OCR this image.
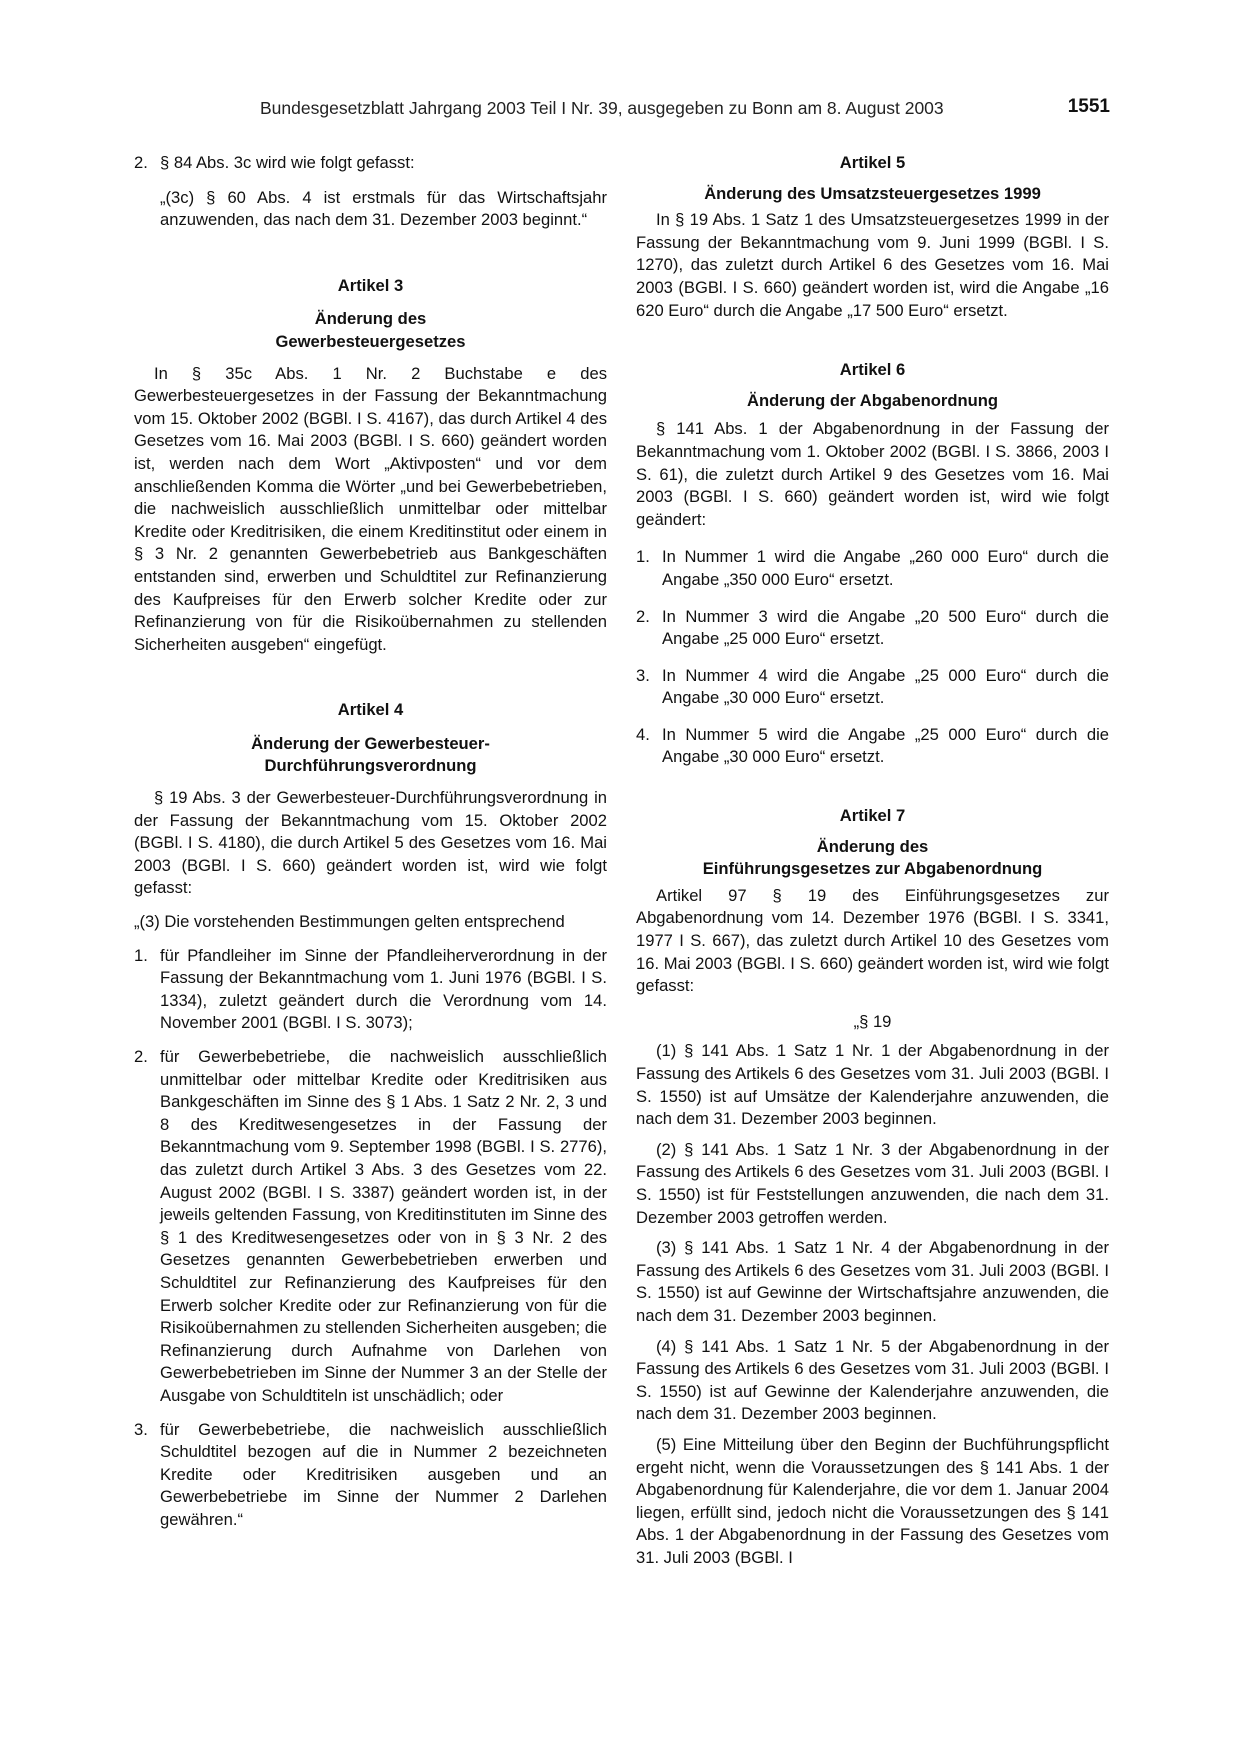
Bundesgesetzblatt Jahrgang 2003 Teil I Nr. 39, ausgegeben zu Bonn am 8. August 2003	1551
2. § 84 Abs. 3c wird wie folgt gefasst:

„(3c) § 60 Abs. 4 ist erstmals für das Wirtschaftsjahr anzuwenden, das nach dem 31. Dezember 2003 beginnt.“

Artikel 3

Änderung des

Gewerbesteuergesetzes

In § 35c Abs. 1 Nr. 2 Buchstabe e des Gewerbesteuergesetzes in der Fassung der Bekanntmachung vom 15. Oktober 2002 (BGBl. I S. 4167), das durch Artikel 4 des Gesetzes vom 16. Mai 2003 (BGBl. I S. 660) geändert worden ist, werden nach dem Wort „Aktivposten“ und vor dem anschließenden Komma die Wörter „und bei Gewerbebetrieben, die nachweislich ausschließlich unmittelbar oder mittelbar Kredite oder Kreditrisiken, die einem Kreditinstitut oder einem in § 3 Nr. 2 genannten Gewerbebetrieb aus Bankgeschäften entstanden sind, erwerben und Schuldtitel zur Refinanzierung des Kaufpreises für den Erwerb solcher Kredite oder zur Refinanzierung von für die Risikoübernahmen zu stellenden Sicherheiten ausgeben“ eingefügt.

Artikel 4

Änderung der Gewerbesteuer-

Durchführungsverordnung

§ 19 Abs. 3 der Gewerbesteuer-Durchführungsverordnung in der Fassung der Bekanntmachung vom 15. Oktober 2002 (BGBl. I S. 4180), die durch Artikel 5 des Gesetzes vom 16. Mai 2003 (BGBl. I S. 660) geändert worden ist, wird wie folgt gefasst:

„(3) Die vorstehenden Bestimmungen gelten entsprechend

1. für Pfandleiher im Sinne der Pfandleiherverordnung in der Fassung der Bekanntmachung vom 1. Juni 1976 (BGBl. I S. 1334), zuletzt geändert durch die Verordnung vom 14. November 2001 (BGBl. I S. 3073);
2. für Gewerbebetriebe, die nachweislich ausschließlich unmittelbar oder mittelbar Kredite oder Kreditrisiken aus Bankgeschäften im Sinne des § 1 Abs. 1 Satz 2 Nr. 2, 3 und 8 des Kreditwesengesetzes in der Fassung der Bekanntmachung vom 9. September 1998 (BGBl. I S. 2776), das zuletzt durch Artikel 3 Abs. 3 des Gesetzes vom 22. August 2002 (BGBl. I S. 3387) geändert worden ist, in der jeweils geltenden Fassung, von Kreditinstituten im Sinne des § 1 des Kreditwesengesetzes oder von in § 3 Nr. 2 des Gesetzes genannten Gewerbebetrieben erwerben und Schuldtitel zur Refinanzierung des Kaufpreises für den Erwerb solcher Kredite oder zur Refinanzierung von für die Risikoübernahmen zu stellenden Sicherheiten ausgeben; die Refinanzierung durch Aufnahme von Darlehen von Gewerbebetrieben im Sinne der Nummer 3 an der Stelle der Ausgabe von Schuldtiteln ist unschädlich; oder
3. für Gewerbebetriebe, die nachweislich ausschließlich Schuldtitel bezogen auf die in Nummer 2 bezeichneten Kredite oder Kreditrisiken ausgeben und an Gewerbebetriebe im Sinne der Nummer 2 Darlehen gewähren.“

Artikel 5

Änderung des Umsatzsteuergesetzes 1999

In § 19 Abs. 1 Satz 1 des Umsatzsteuergesetzes 1999 in der Fassung der Bekanntmachung vom 9. Juni 1999 (BGBl. I S. 1270), das zuletzt durch Artikel 6 des Gesetzes vom 16. Mai 2003 (BGBl. I S. 660) geändert worden ist, wird die Angabe „16 620 Euro“ durch die Angabe „17 500 Euro“ ersetzt.

Artikel 6

Änderung der Abgabenordnung

§ 141 Abs. 1 der Abgabenordnung in der Fassung der Bekanntmachung vom 1. Oktober 2002 (BGBl. I S. 3866, 2003 I S. 61), die zuletzt durch Artikel 9 des Gesetzes vom 16. Mai 2003 (BGBl. I S. 660) geändert worden ist, wird wie folgt geändert:

1. In Nummer 1 wird die Angabe „260 000 Euro“ durch die Angabe „350 000 Euro“ ersetzt.
2. In Nummer 3 wird die Angabe „20 500 Euro“ durch die Angabe „25 000 Euro“ ersetzt.
3. In Nummer 4 wird die Angabe „25 000 Euro“ durch die Angabe „30 000 Euro“ ersetzt.
4. In Nummer 5 wird die Angabe „25 000 Euro“ durch die Angabe „30 000 Euro“ ersetzt.

Artikel 7

Änderung des

Einführungsgesetzes zur Abgabenordnung

Artikel 97 § 19 des Einführungsgesetzes zur Abgabenordnung vom 14. Dezember 1976 (BGBl. I S. 3341, 1977 I S. 667), das zuletzt durch Artikel 10 des Gesetzes vom 16. Mai 2003 (BGBl. I S. 660) geändert worden ist, wird wie folgt gefasst:

„§ 19

(1) § 141 Abs. 1 Satz 1 Nr. 1 der Abgabenordnung in der Fassung des Artikels 6 des Gesetzes vom 31. Juli 2003 (BGBl. I S. 1550) ist auf Umsätze der Kalenderjahre anzuwenden, die nach dem 31. Dezember 2003 beginnen.

(2) § 141 Abs. 1 Satz 1 Nr. 3 der Abgabenordnung in der Fassung des Artikels 6 des Gesetzes vom 31. Juli 2003 (BGBl. I S. 1550) ist für Feststellungen anzuwenden, die nach dem 31. Dezember 2003 getroffen werden.

(3) § 141 Abs. 1 Satz 1 Nr. 4 der Abgabenordnung in der Fassung des Artikels 6 des Gesetzes vom 31. Juli 2003 (BGBl. I S. 1550) ist auf Gewinne der Wirtschaftsjahre anzuwenden, die nach dem 31. Dezember 2003 beginnen.

(4) § 141 Abs. 1 Satz 1 Nr. 5 der Abgabenordnung in der Fassung des Artikels 6 des Gesetzes vom 31. Juli 2003 (BGBl. I S. 1550) ist auf Gewinne der Kalenderjahre anzuwenden, die nach dem 31. Dezember 2003 beginnen.

(5) Eine Mitteilung über den Beginn der Buchführungspflicht ergeht nicht, wenn die Voraussetzungen des § 141 Abs. 1 der Abgabenordnung für Kalenderjahre, die vor dem 1. Januar 2004 liegen, erfüllt sind, jedoch nicht die Voraussetzungen des § 141 Abs. 1 der Abgabenordnung in der Fassung des Gesetzes vom 31. Juli 2003 (BGBl. I
